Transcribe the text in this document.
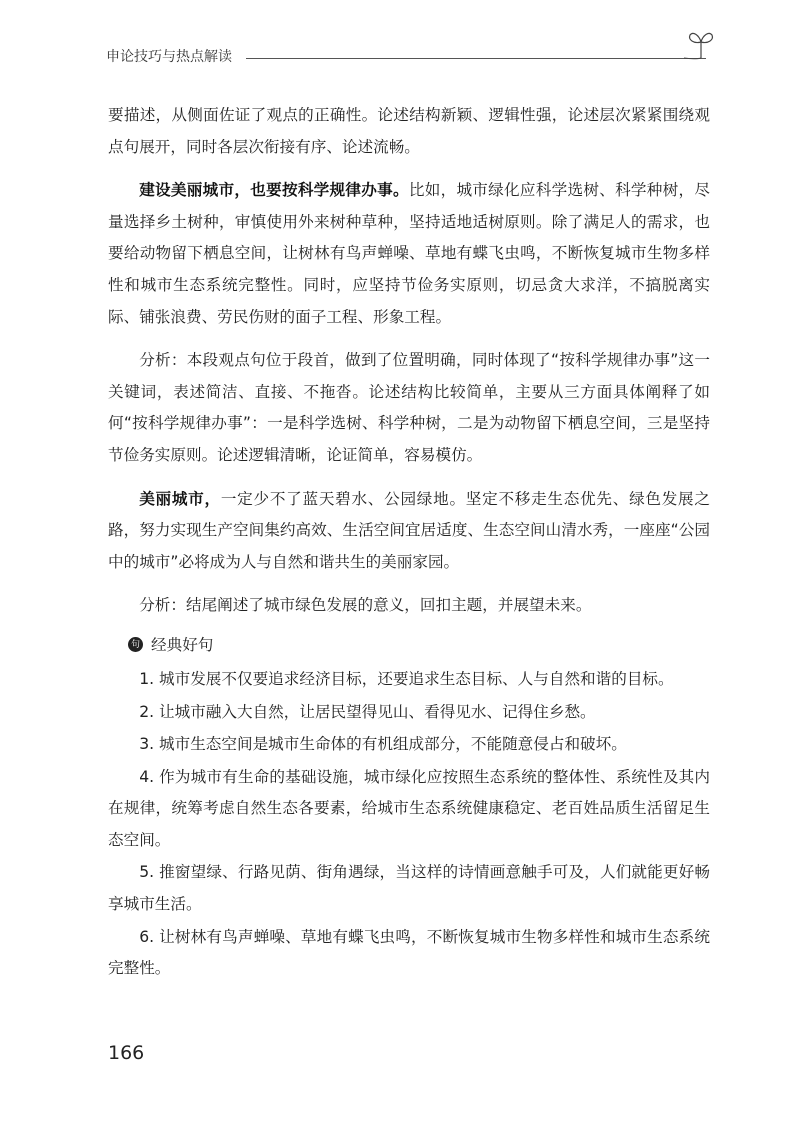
申论技巧与热点解读

要描述，从侧面佐证了观点的正确性。论述结构新颖、逻辑性强，论述层次紧紧围绕观点句展开，同时各层次衔接有序、论述流畅。

建设美丽城市，也要按科学规律办事。比如，城市绿化应科学选树、科学种树，尽量选择乡土树种，审慎使用外来树种草种，坚持适地适树原则。除了满足人的需求，也要给动物留下栖息空间，让树林有鸟声蝉噪、草地有蝶飞虫鸣，不断恢复城市生物多样性和城市生态系统完整性。同时，应坚持节俭务实原则，切忌贪大求洋，不搞脱离实际、铺张浪费、劳民伤财的面子工程、形象工程。

分析：本段观点句位于段首，做到了位置明确，同时体现了“按科学规律办事”这一关键词，表述简洁、直接、不拖沓。论述结构比较简单，主要从三方面具体阐释了如何“按科学规律办事”：一是科学选树、科学种树，二是为动物留下栖息空间，三是坚持节俭务实原则。论述逻辑清晰，论证简单，容易模仿。

美丽城市，一定少不了蓝天碧水、公园绿地。坚定不移走生态优先、绿色发展之路，努力实现生产空间集约高效、生活空间宜居适度、生态空间山清水秀，一座座“公园中的城市”必将成为人与自然和谐共生的美丽家园。

分析：结尾阐述了城市绿色发展的意义，回扣主题，并展望未来。

句 经典好句

1. 城市发展不仅要追求经济目标，还要追求生态目标、人与自然和谐的目标。

2. 让城市融入大自然，让居民望得见山、看得见水、记得住乡愁。

3. 城市生态空间是城市生命体的有机组成部分，不能随意侵占和破坏。

4. 作为城市有生命的基础设施，城市绿化应按照生态系统的整体性、系统性及其内在规律，统筹考虑自然生态各要素，给城市生态系统健康稳定、老百姓品质生活留足生态空间。

5. 推窗望绿、行路见荫、街角遇绿，当这样的诗情画意触手可及，人们就能更好畅享城市生活。

6. 让树林有鸟声蝉噪、草地有蝶飞虫鸣，不断恢复城市生物多样性和城市生态系统完整性。

166
